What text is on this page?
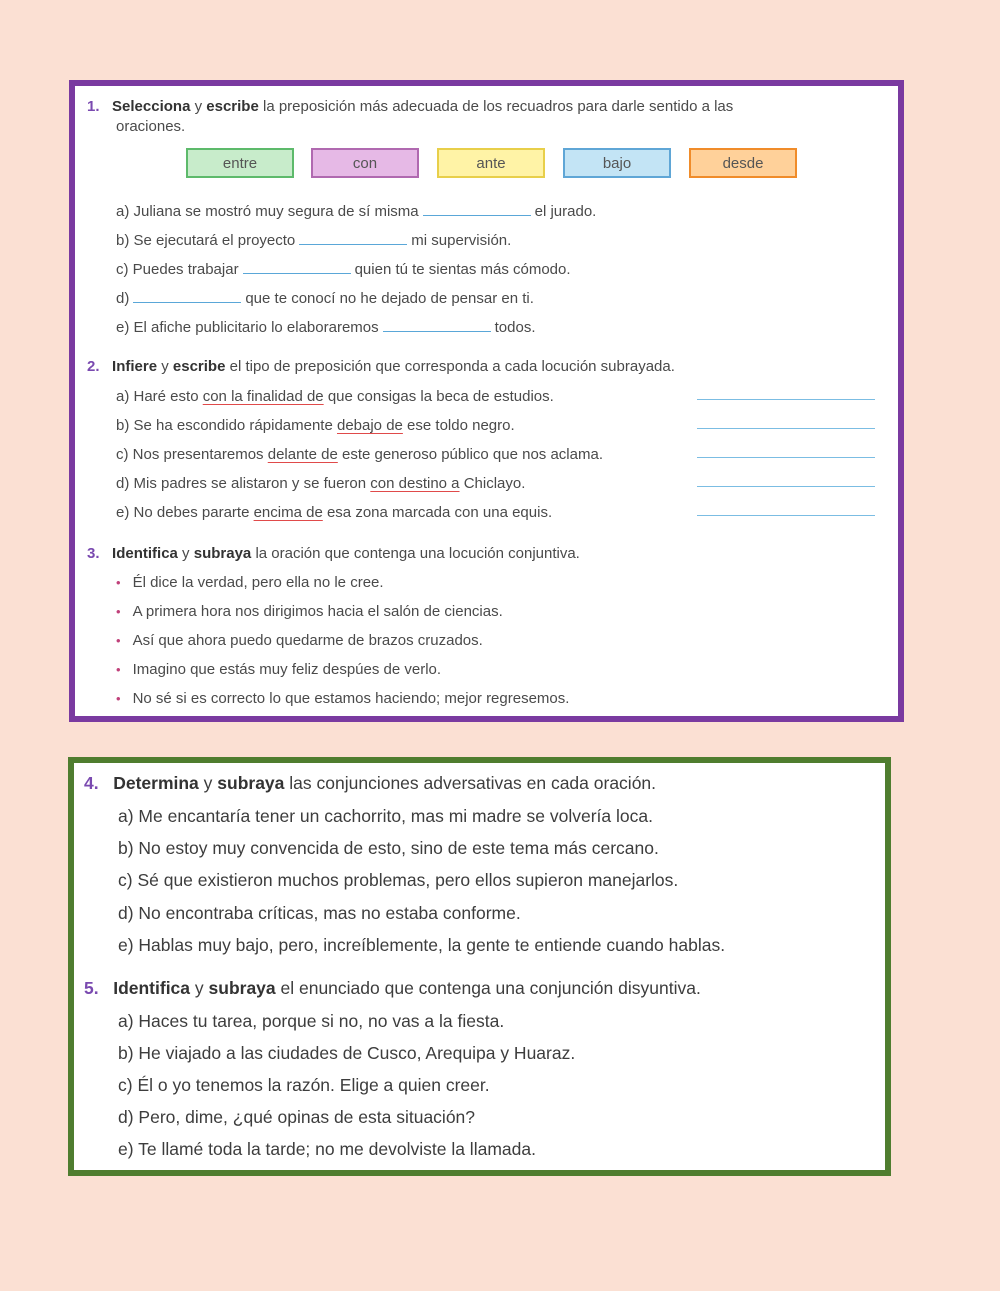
1. Selecciona y escribe la preposición más adecuada de los recuadros para darle sentido a las
oraciones.
entre	con	ante	bajo	desde
a) Juliana se mostró muy segura de sí misma	el jurado.
b) Se ejecutará el proyecto	mi supervisión.
c) Puedes trabajar	quien tú te sientas más cómodo.
d)	que te conocí no he dejado de pensar en ti.
e) El afiche publicitario lo elaboraremos	todos.
2. Infiere y escribe el tipo de preposición que corresponda a cada locución subrayada.
a) Haré esto con la finalidad de que consigas la beca de estudios.
b) Se ha escondido rápidamente debajo de ese toldo negro.
c) Nos presentaremos delante de este generoso público que nos aclama.
d) Mis padres se alistaron y se fueron con destino a Chiclayo.
e) No debes pararte encima de esa zona marcada con una equis.
3. Identifica y subraya la oración que contenga una locución conjuntiva.
• Él dice la verdad, pero ella no le cree.
• A primera hora nos dirigimos hacia el salón de ciencias.
• Así que ahora puedo quedarme de brazos cruzados.
• Imagino que estás muy feliz despúes de verlo.
• No sé si es correcto lo que estamos haciendo; mejor regresemos.
4. Determina y subraya las conjunciones adversativas en cada oración.
a) Me encantaría tener un cachorrito, mas mi madre se volvería loca.
b) No estoy muy convencida de esto, sino de este tema más cercano.
c) Sé que existieron muchos problemas, pero ellos supieron manejarlos.
d) No encontraba críticas, mas no estaba conforme.
e) Hablas muy bajo, pero, increíblemente, la gente te entiende cuando hablas.
5. Identifica y subraya el enunciado que contenga una conjunción disyuntiva.
a) Haces tu tarea, porque si no, no vas a la fiesta.
b) He viajado a las ciudades de Cusco, Arequipa y Huaraz.
c) Él o yo tenemos la razón. Elige a quien creer.
d) Pero, dime, ¿qué opinas de esta situación?
e) Te llamé toda la tarde; no me devolviste la llamada.
